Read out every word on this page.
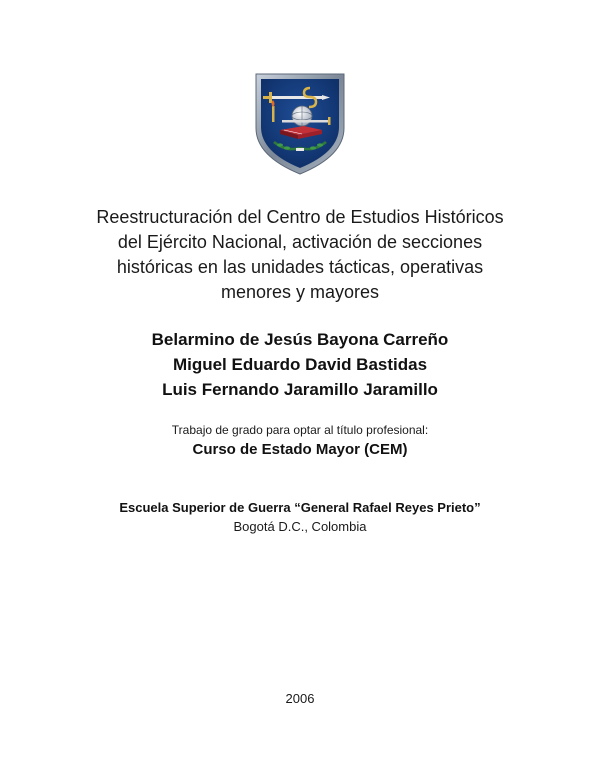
Reestructuración del Centro de Estudios Históricos
del Ejército Nacional, activación de secciones
históricas en las unidades tácticas, operativas
menores y mayores
Belarmino de Jesús Bayona Carreño
Miguel Eduardo David Bastidas
Luis Fernando Jaramillo Jaramillo
Trabajo de grado para optar al título profesional:
Curso de Estado Mayor (CEM)
Escuela Superior de Guerra “General Rafael Reyes Prieto”
Bogotá D.C., Colombia
2006
